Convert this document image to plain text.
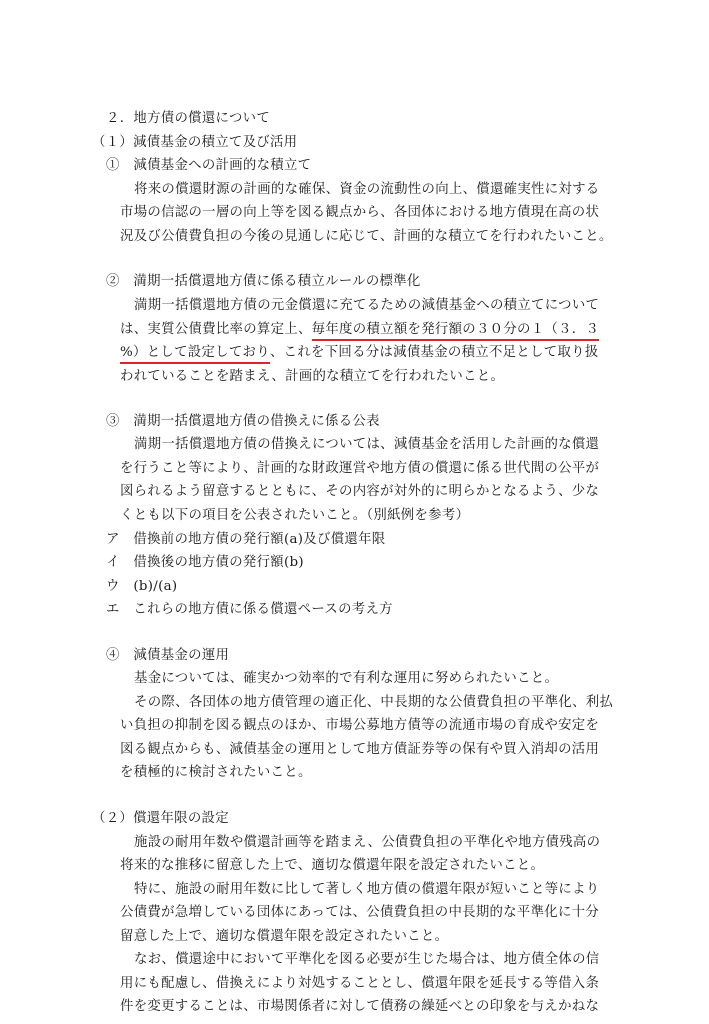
２．地方債の償還について
（１）減債基金の積立て及び活用
①　減債基金への計画的な積立て
将来の償還財源の計画的な確保、資金の流動性の向上、償還確実性に対する
市場の信認の一層の向上等を図る観点から、各団体における地方債現在高の状
況及び公債費負担の今後の見通しに応じて、計画的な積立てを行われたいこと。
②　満期一括償還地方債に係る積立ルールの標準化
満期一括償還地方債の元金償還に充てるための減債基金への積立てについて
は、実質公債費比率の算定上、毎年度の積立額を発行額の３０分の１（３．３
%）として設定しており、これを下回る分は減債基金の積立不足として取り扱
われていることを踏まえ、計画的な積立てを行われたいこと。
③　満期一括償還地方債の借換えに係る公表
満期一括償還地方債の借換えについては、減債基金を活用した計画的な償還
を行うこと等により、計画的な財政運営や地方債の償還に係る世代間の公平が
図られるよう留意するとともに、その内容が対外的に明らかとなるよう、少な
くとも以下の項目を公表されたいこと。（別紙例を参考）
ア　借換前の地方債の発行額(a)及び償還年限
イ　借換後の地方債の発行額(b)
ウ　(b)/(a)
エ　これらの地方債に係る償還ペースの考え方
④　減債基金の運用
基金については、確実かつ効率的で有利な運用に努められたいこと。
その際、各団体の地方債管理の適正化、中長期的な公債費負担の平準化、利払
い負担の抑制を図る観点のほか、市場公募地方債等の流通市場の育成や安定を
図る観点からも、減債基金の運用として地方債証券等の保有や買入消却の活用
を積極的に検討されたいこと。
（２）償還年限の設定
施設の耐用年数や償還計画等を踏まえ、公債費負担の平準化や地方債残高の
将来的な推移に留意した上で、適切な償還年限を設定されたいこと。
特に、施設の耐用年数に比して著しく地方債の償還年限が短いこと等により
公債費が急増している団体にあっては、公債費負担の中長期的な平準化に十分
留意した上で、適切な償還年限を設定されたいこと。
なお、償還途中において平準化を図る必要が生じた場合は、地方債全体の信
用にも配慮し、借換えにより対処することとし、償還年限を延長する等借入条
件を変更することは、市場関係者に対して債務の繰延べとの印象を与えかねな
